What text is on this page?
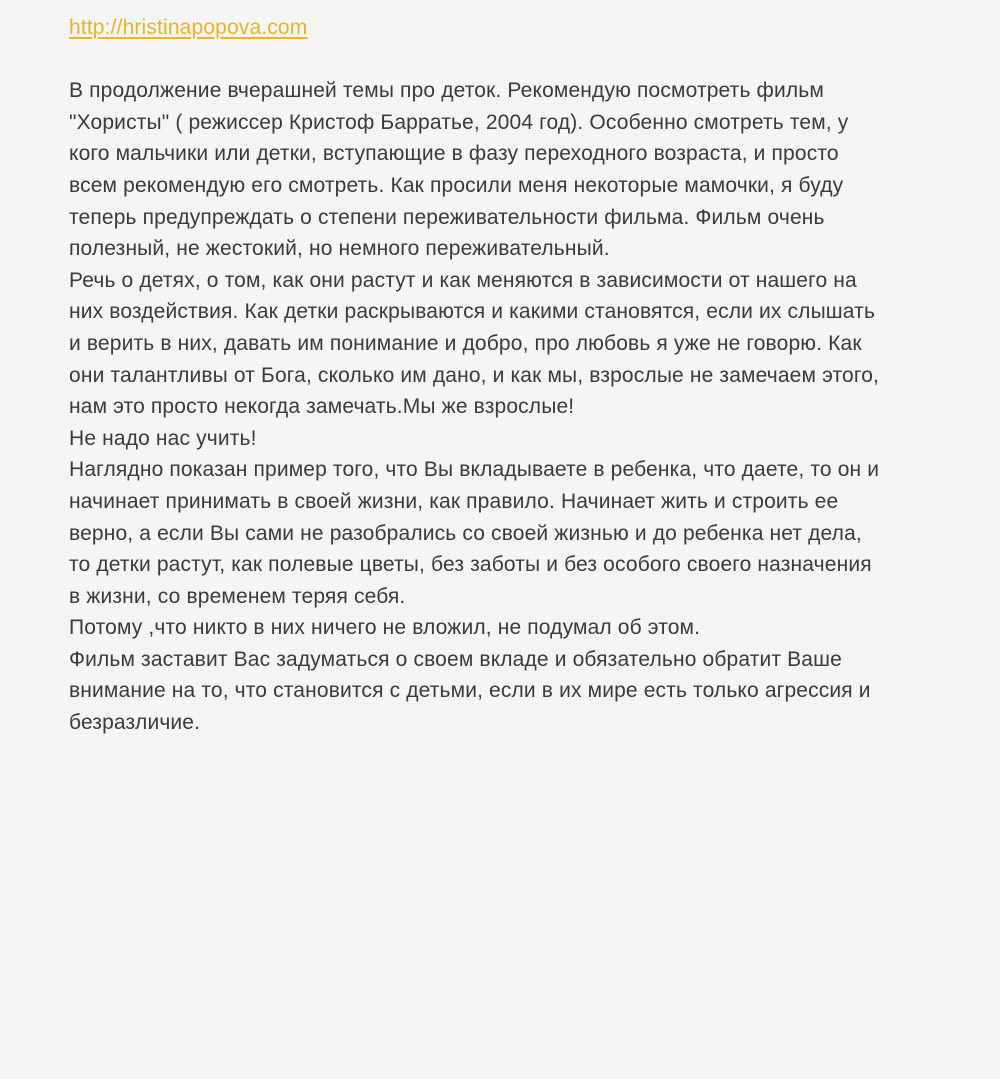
http://hristinapopova.com
В продолжение вчерашней темы про деток. Рекомендую посмотреть фильм
"Хористы" ( режиссер Кристоф Барратье, 2004 год). Особенно смотреть тем, у
кого мальчики или детки, вступающие в фазу переходного возраста, и просто
всем рекомендую его смотреть. Как просили меня некоторые мамочки, я буду
теперь предупреждать о степени переживательности фильма. Фильм очень
полезный, не жестокий, но немного переживательный.
Речь о детях, о том, как они растут и как меняются в зависимости от нашего на
них воздействия. Как детки раскрываются и какими становятся, если их слышать
и верить в них, давать им понимание и добро, про любовь я уже не говорю. Как
они талантливы от Бога, сколько им дано, и как мы, взрослые не замечаем этого,
нам это просто некогда замечать.Мы же взрослые!
Не надо нас учить!
Наглядно показан пример того, что Вы вкладываете в ребенка, что даете, то он и
начинает принимать в своей жизни, как правило. Начинает жить и строить ее
верно, а если Вы сами не разобрались со своей жизнью и до ребенка нет дела,
то детки растут, как полевые цветы, без заботы и без особого своего назначения
в жизни, со временем теряя себя.
Потому ,что никто в них ничего не вложил, не подумал об этом.
Фильм заставит Вас задуматься о своем вкладе и обязательно обратит Ваше
внимание на то, что становится с детьми, если в их мире есть только агрессия и
безразличие.
